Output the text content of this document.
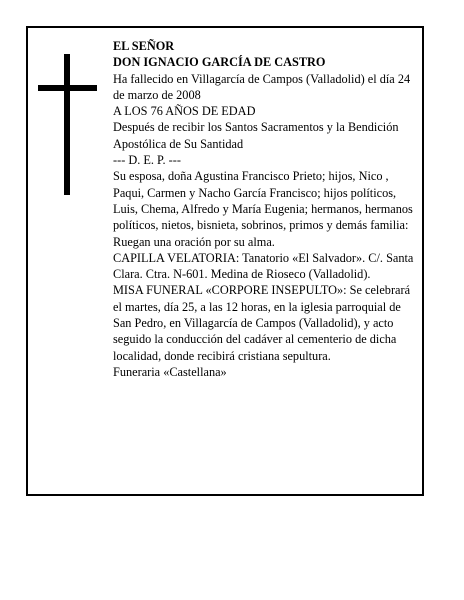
EL SEÑOR

DON IGNACIO GARCÍA DE CASTRO

Ha fallecido en Villagarcía de Campos (Valladolid) el día 24 de marzo de 2008

A LOS 76 AÑOS DE EDAD

Después de recibir los Santos Sacramentos y la Bendición Apostólica de Su Santidad

--- D. E. P. ---

Su esposa, doña Agustina Francisco Prieto; hijos, Nico , Paqui, Carmen y Nacho García Francisco; hijos políticos, Luis, Chema, Alfredo y María Eugenia; hermanos, hermanos políticos, nietos, bisnieta, sobrinos, primos y demás familia:

Ruegan una oración por su alma.

CAPILLA VELATORIA: Tanatorio «El Salvador». C/. Santa Clara. Ctra. N-601. Medina de Rioseco (Valladolid).

MISA FUNERAL «CORPORE INSEPULTO»: Se celebrará el martes, día 25, a las 12 horas, en la iglesia parroquial de San Pedro, en Villagarcía de Campos (Valladolid), y acto seguido la conducción del cadáver al cementerio de dicha localidad, donde recibirá cristiana sepultura.

Funeraria «Castellana»
